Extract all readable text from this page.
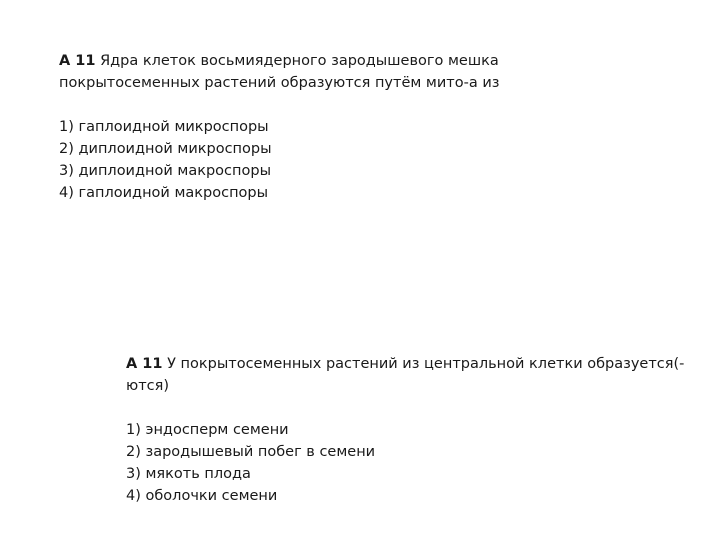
А 11 Ядра клеток восьмиядерного зародышевого мешка
покрытосеменных растений образуются путём мито-а из
1) гаплоидной микроспоры
2) диплоидной микроспоры
3) диплоидной макроспоры
4) гаплоидной макроспоры
А 11 У покрытосеменных растений из центральной клетки образуется(-
ются)
1) эндосперм семени
2) зародышевый побег в семени
3) мякоть плода
4) оболочки семени
